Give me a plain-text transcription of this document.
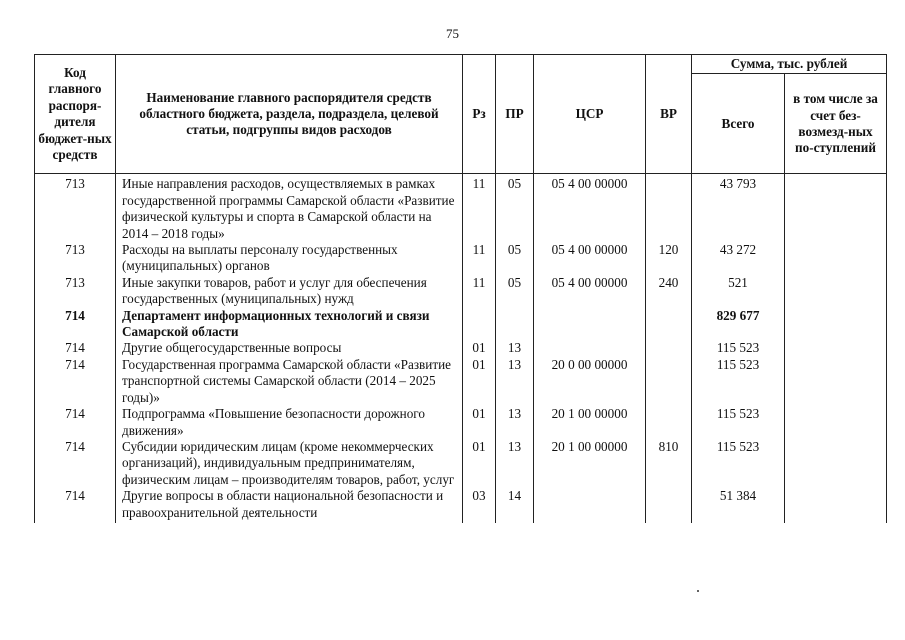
75
Код главного распоря-дителя бюджет-ных средств	Наименование главного распорядителя средств областного бюджета, раздела, подраздела, целевой статьи, подгруппы видов расходов	Рз	ПР	ЦСР	ВР	Сумма, тыс. рублей	
						Всего	в том числе за счет без-возмезд-ных по-ступлений
713	Иные направления расходов, осуществляемых в рамках государственной программы Самарской области «Развитие физической культуры и спорта в Самарской области на 2014 – 2018 годы»	11	05	05 4 00 00000		43 793	
713	Расходы на выплаты персоналу государственных (муниципальных) органов	11	05	05 4 00 00000	120	43 272	
713	Иные закупки товаров, работ и услуг для обеспечения государственных (муниципальных) нужд	11	05	05 4 00 00000	240	521	
714	Департамент информационных технологий и связи Самарской области					829 677	
714	Другие общегосударственные вопросы	01	13			115 523	
714	Государственная программа Самарской области «Развитие транспортной системы Самарской области (2014 – 2025 годы)»	01	13	20 0 00 00000		115 523	
714	Подпрограмма «Повышение безопасности дорожного движения»	01	13	20 1 00 00000		115 523	
714	Субсидии юридическим лицам (кроме некоммерческих организаций), индивидуальным предпринимателям, физическим лицам – производителям товаров, работ, услуг	01	13	20 1 00 00000	810	115 523	
714	Другие вопросы в области национальной безопасности и правоохранительной деятельности	03	14			51 384	
